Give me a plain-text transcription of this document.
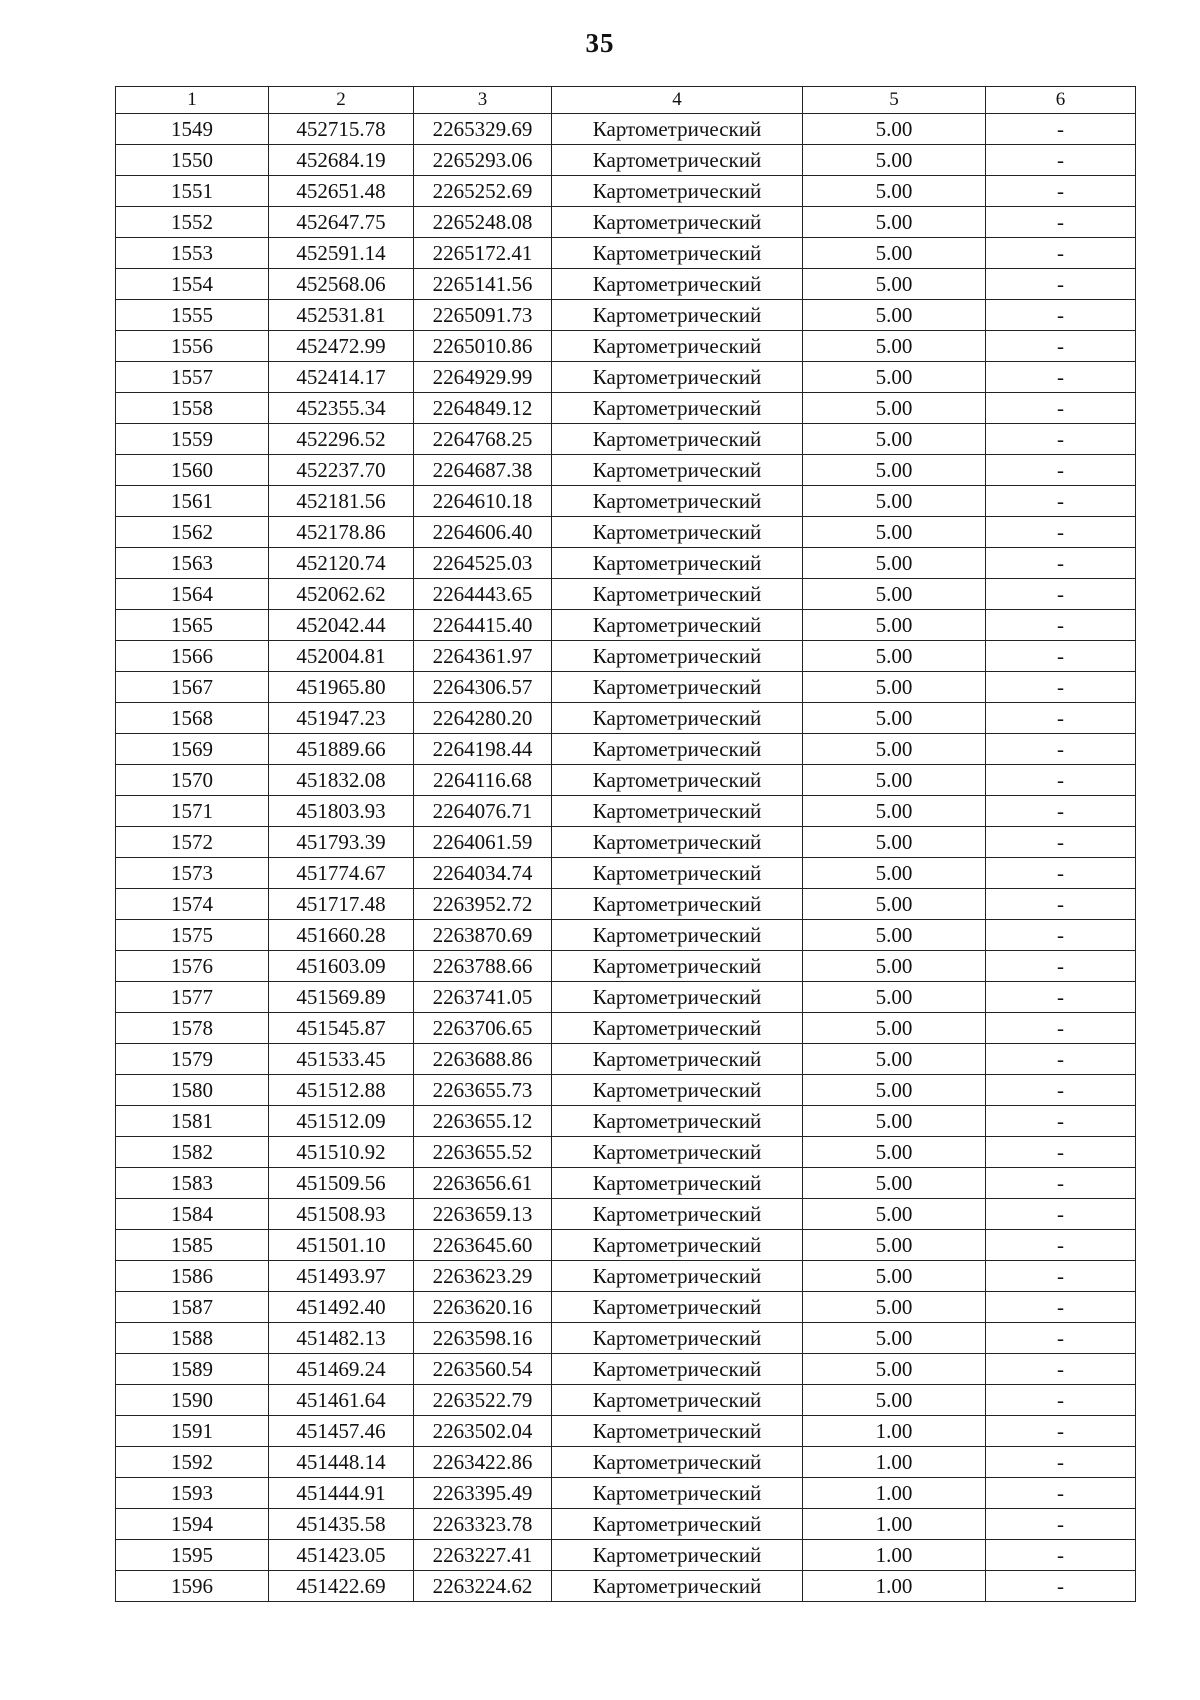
35
1	2	3	4	5	6
1549	452715.78	2265329.69	Картометрический	5.00	-
1550	452684.19	2265293.06	Картометрический	5.00	-
1551	452651.48	2265252.69	Картометрический	5.00	-
1552	452647.75	2265248.08	Картометрический	5.00	-
1553	452591.14	2265172.41	Картометрический	5.00	-
1554	452568.06	2265141.56	Картометрический	5.00	-
1555	452531.81	2265091.73	Картометрический	5.00	-
1556	452472.99	2265010.86	Картометрический	5.00	-
1557	452414.17	2264929.99	Картометрический	5.00	-
1558	452355.34	2264849.12	Картометрический	5.00	-
1559	452296.52	2264768.25	Картометрический	5.00	-
1560	452237.70	2264687.38	Картометрический	5.00	-
1561	452181.56	2264610.18	Картометрический	5.00	-
1562	452178.86	2264606.40	Картометрический	5.00	-
1563	452120.74	2264525.03	Картометрический	5.00	-
1564	452062.62	2264443.65	Картометрический	5.00	-
1565	452042.44	2264415.40	Картометрический	5.00	-
1566	452004.81	2264361.97	Картометрический	5.00	-
1567	451965.80	2264306.57	Картометрический	5.00	-
1568	451947.23	2264280.20	Картометрический	5.00	-
1569	451889.66	2264198.44	Картометрический	5.00	-
1570	451832.08	2264116.68	Картометрический	5.00	-
1571	451803.93	2264076.71	Картометрический	5.00	-
1572	451793.39	2264061.59	Картометрический	5.00	-
1573	451774.67	2264034.74	Картометрический	5.00	-
1574	451717.48	2263952.72	Картометрический	5.00	-
1575	451660.28	2263870.69	Картометрический	5.00	-
1576	451603.09	2263788.66	Картометрический	5.00	-
1577	451569.89	2263741.05	Картометрический	5.00	-
1578	451545.87	2263706.65	Картометрический	5.00	-
1579	451533.45	2263688.86	Картометрический	5.00	-
1580	451512.88	2263655.73	Картометрический	5.00	-
1581	451512.09	2263655.12	Картометрический	5.00	-
1582	451510.92	2263655.52	Картометрический	5.00	-
1583	451509.56	2263656.61	Картометрический	5.00	-
1584	451508.93	2263659.13	Картометрический	5.00	-
1585	451501.10	2263645.60	Картометрический	5.00	-
1586	451493.97	2263623.29	Картометрический	5.00	-
1587	451492.40	2263620.16	Картометрический	5.00	-
1588	451482.13	2263598.16	Картометрический	5.00	-
1589	451469.24	2263560.54	Картометрический	5.00	-
1590	451461.64	2263522.79	Картометрический	5.00	-
1591	451457.46	2263502.04	Картометрический	1.00	-
1592	451448.14	2263422.86	Картометрический	1.00	-
1593	451444.91	2263395.49	Картометрический	1.00	-
1594	451435.58	2263323.78	Картометрический	1.00	-
1595	451423.05	2263227.41	Картометрический	1.00	-
1596	451422.69	2263224.62	Картометрический	1.00	-
